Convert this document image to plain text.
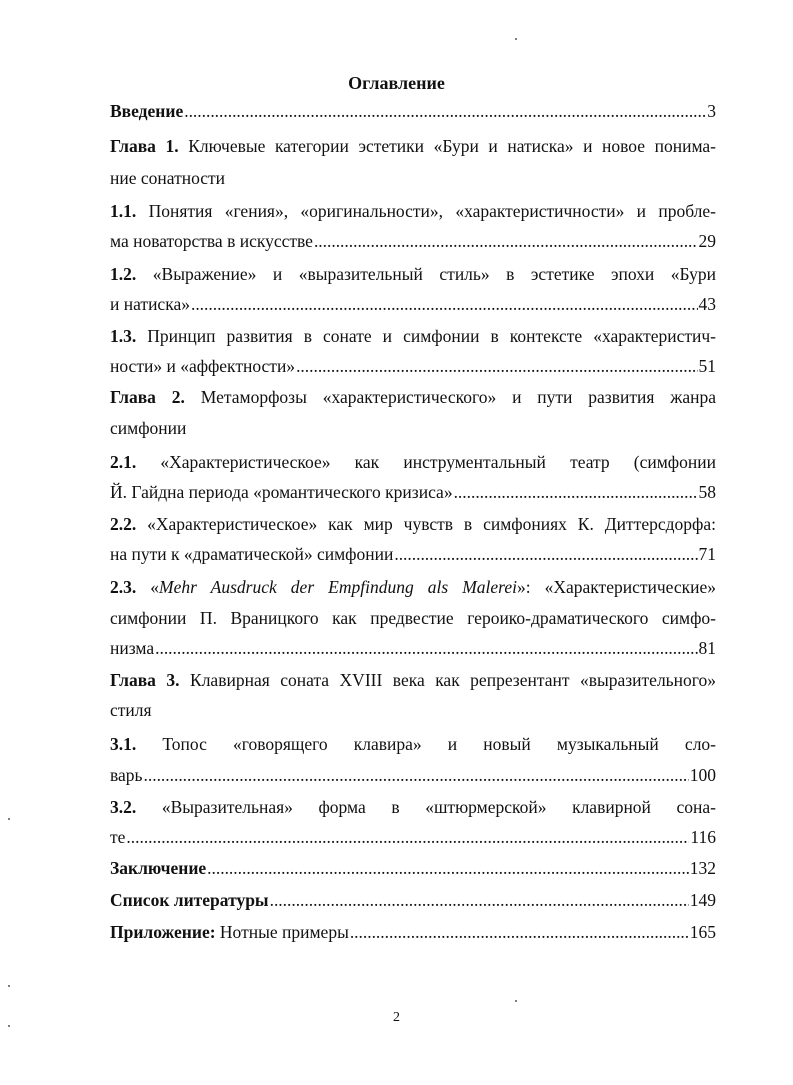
Оглавление
Введение . . .	3
Глава 1. Ключевые категории эстетики «Бури и натиска» и новое понима-
ние сонатности
1.1. Понятия «гения», «оригинальности», «характеристичности» и пробле-
ма новаторства в искусстве . . .	29
1.2. «Выражение» и «выразительный стиль» в эстетике эпохи «Бури
и натиска» . . .	43
1.3. Принцип развития в сонате и симфонии в контексте «характеристич-
ности» и «аффектности» . . .	51
Глава 2. Метаморфозы «характеристического» и пути развития жанра
симфонии
2.1. «Характеристическое» как инструментальный театр (симфонии
Й. Гайдна периода «романтического кризиса» . . .	58
2.2. «Характеристическое» как мир чувств в симфониях К. Диттерсдорфа:
на пути к «драматической» симфонии . . .	71
2.3. «Mehr Ausdruck der Empfindung als Malerei»: «Характеристические»
симфонии П. Враницкого как предвестие героико-драматического симфо-
низма . . .	81
Глава 3. Клавирная соната XVIII века как репрезентант «выразительного»
стиля
3.1. Топос «говорящего клавира» и новый музыкальный сло-
варь . . .	100
3.2. «Выразительная» форма в «штюрмерской» клавирной сона-
те . . .	116
Заключение . . .	132
Список литературы . . .	149
Приложение: Нотные примеры . . .	165
2
